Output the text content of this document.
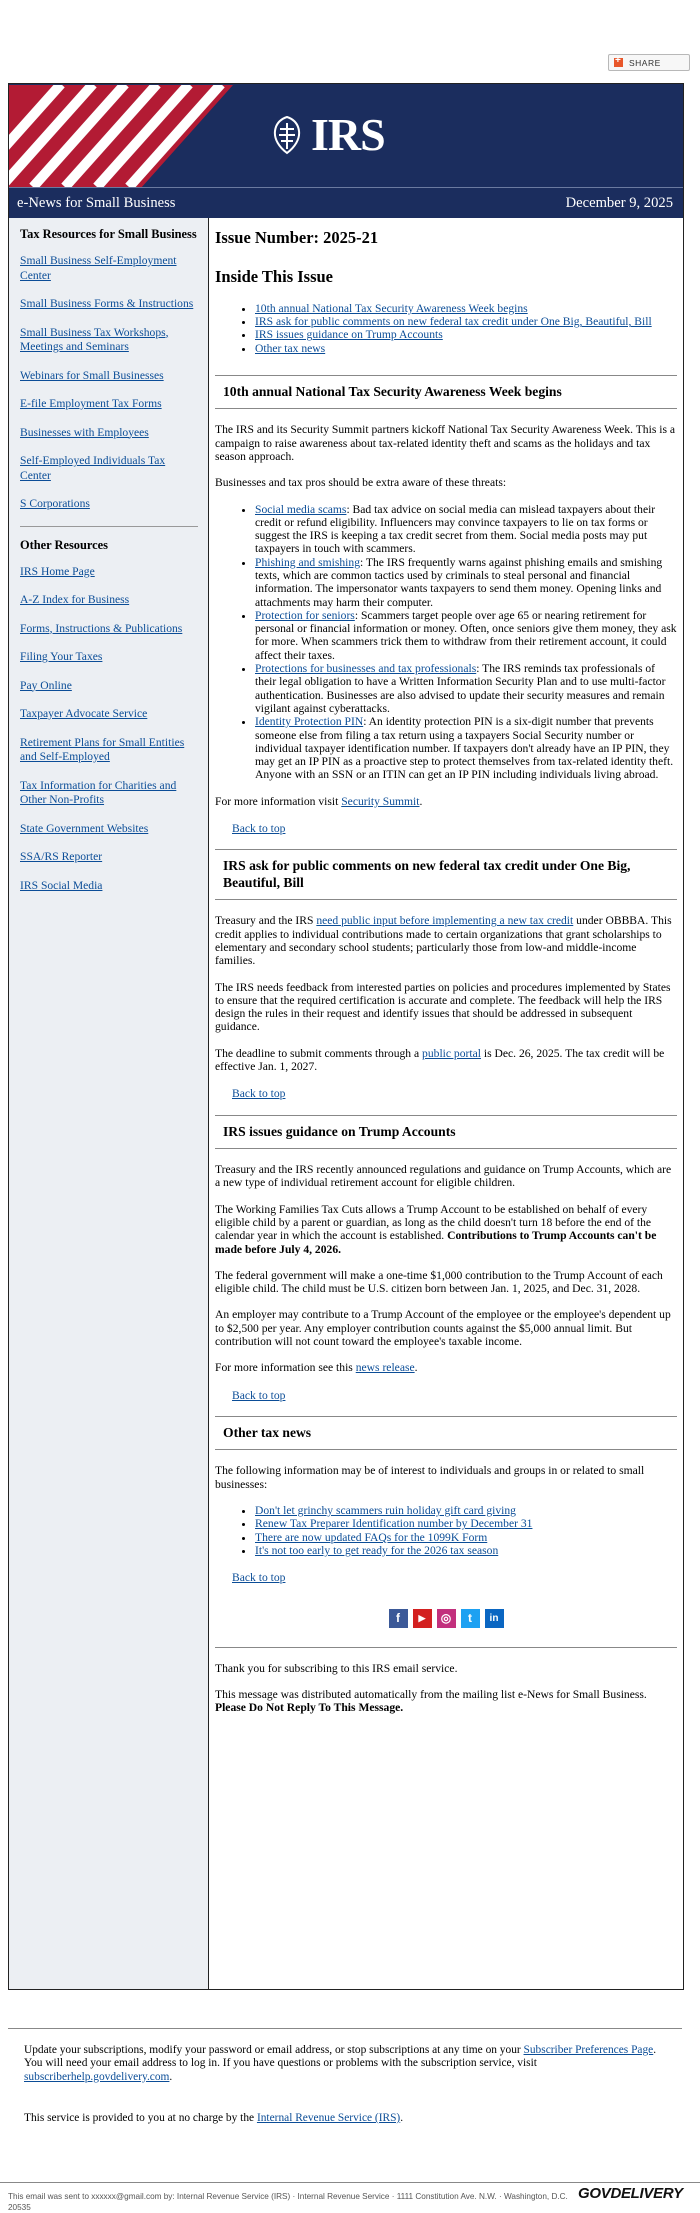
+
SHARE
IRS
e-News for Small Business	December 9, 2025
Tax Resources for Small Business
Small Business Self-Employment Center
Small Business Forms & Instructions
Small Business Tax Workshops, Meetings and Seminars
Webinars for Small Businesses
E-file Employment Tax Forms
Businesses with Employees
Self-Employed Individuals Tax Center
S Corporations
Other Resources
IRS Home Page
A-Z Index for Business
Forms, Instructions & Publications
Filing Your Taxes
Pay Online
Taxpayer Advocate Service
Retirement Plans for Small Entities and Self-Employed
Tax Information for Charities and Other Non-Profits
State Government Websites
SSA/RS Reporter
IRS Social Media
Issue Number: 2025-21
Inside This Issue
• 10th annual National Tax Security Awareness Week begins
• IRS ask for public comments on new federal tax credit under One Big, Beautiful, Bill
• IRS issues guidance on Trump Accounts
• Other tax news
10th annual National Tax Security Awareness Week begins

The IRS and its Security Summit partners kickoff National Tax Security Awareness Week. This is a campaign to raise awareness about tax-related identity theft and scams as the holidays and tax season approach.

Businesses and tax pros should be extra aware of these threats:

• Social media scams: Bad tax advice on social media can mislead taxpayers about their credit or refund eligibility. Influencers may convince taxpayers to lie on tax forms or suggest the IRS is keeping a tax credit secret from them. Social media posts may put taxpayers in touch with scammers.
• Phishing and smishing: The IRS frequently warns against phishing emails and smishing texts, which are common tactics used by criminals to steal personal and financial information. The impersonator wants taxpayers to send them money. Opening links and attachments may harm their computer.
• Protection for seniors: Scammers target people over age 65 or nearing retirement for personal or financial information or money. Often, once seniors give them money, they ask for more. When scammers trick them to withdraw from their retirement account, it could affect their taxes.
• Protections for businesses and tax professionals: The IRS reminds tax professionals of their legal obligation to have a Written Information Security Plan and to use multi-factor authentication. Businesses are also advised to update their security measures and remain vigilant against cyberattacks.
• Identity Protection PIN: An identity protection PIN is a six-digit number that prevents someone else from filing a tax return using a taxpayers Social Security number or individual taxpayer identification number. If taxpayers don't already have an IP PIN, they may get an IP PIN as a proactive step to protect themselves from tax-related identity theft. Anyone with an SSN or an ITIN can get an IP PIN including individuals living abroad.

For more information visit Security Summit.

Back to top

IRS ask for public comments on new federal tax credit under One Big, Beautiful, Bill

Treasury and the IRS need public input before implementing a new tax credit under OBBBA. This credit applies to individual contributions made to certain organizations that grant scholarships to elementary and secondary school students; particularly those from low-and middle-income families.

The IRS needs feedback from interested parties on policies and procedures implemented by States to ensure that the required certification is accurate and complete. The feedback will help the IRS design the rules in their request and identify issues that should be addressed in subsequent guidance.

The deadline to submit comments through a public portal is Dec. 26, 2025. The tax credit will be effective Jan. 1, 2027.

Back to top

IRS issues guidance on Trump Accounts

Treasury and the IRS recently announced regulations and guidance on Trump Accounts, which are a new type of individual retirement account for eligible children.

The Working Families Tax Cuts allows a Trump Account to be established on behalf of every eligible child by a parent or guardian, as long as the child doesn't turn 18 before the end of the calendar year in which the account is established. Contributions to Trump Accounts can't be made before July 4, 2026.

The federal government will make a one-time $1,000 contribution to the Trump Account of each eligible child. The child must be U.S. citizen born between Jan. 1, 2025, and Dec. 31, 2028.

An employer may contribute to a Trump Account of the employee or the employee's dependent up to $2,500 per year. Any employer contribution counts against the $5,000 annual limit. But contribution will not count toward the employee's taxable income.

For more information see this news release.

Back to top

Other tax news

The following information may be of interest to individuals and groups in or related to small businesses:

• Don't let grinchy scammers ruin holiday gift card giving
• Renew Tax Preparer Identification number by December 31
• There are now updated FAQs for the 1099K Form
• It's not too early to get ready for the 2026 tax season

Back to top

f	▶	◎	t	in

Thank you for subscribing to this IRS email service.

This message was distributed automatically from the mailing list e-News for Small Business. Please Do Not Reply To This Message.

Update your subscriptions, modify your password or email address, or stop subscriptions at any time on your Subscriber Preferences Page. You will need your email address to log in. If you have questions or problems with the subscription service, visit subscriberhelp.govdelivery.com.

This service is provided to you at no charge by the Internal Revenue Service (IRS).

This email was sent to xxxxxx@gmail.com by: Internal Revenue Service (IRS) · Internal Revenue Service · 1111 Constitution Ave. N.W. · Washington, D.C. 20535
GOVDELIVERY
